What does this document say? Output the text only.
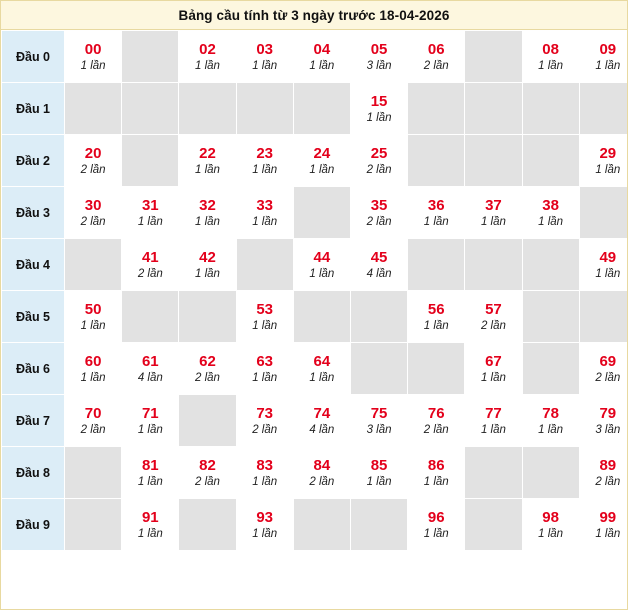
Bảng cầu tính từ 3 ngày trước 18-04-2026
Đầu 0	00
1 lần		02
1 lần	03
1 lần	04
1 lần	05
3 lần	06
2 lần		08
1 lần	09
1 lần

Đầu 1						15
1 lần				

Đầu 2	20
2 lần		22
1 lần	23
1 lần	24
1 lần	25
2 lần				29
1 lần

Đầu 3	30
2 lần	31
1 lần	32
1 lần	33
1 lần		35
2 lần	36
1 lần	37
1 lần	38
1 lần	

Đầu 4		41
2 lần	42
1 lần		44
1 lần	45
4 lần				49
1 lần

Đầu 5	50
1 lần			53
1 lần			56
1 lần	57
2 lần		

Đầu 6	60
1 lần	61
4 lần	62
2 lần	63
1 lần	64
1 lần			67
1 lần		69
2 lần

Đầu 7	70
2 lần	71
1 lần		73
2 lần	74
4 lần	75
3 lần	76
2 lần	77
1 lần	78
1 lần	79
3 lần

Đầu 8		81
1 lần	82
2 lần	83
1 lần	84
2 lần	85
1 lần	86
1 lần			89
2 lần

Đầu 9		91
1 lần		93
1 lần			96
1 lần		98
1 lần	99
1 lần
